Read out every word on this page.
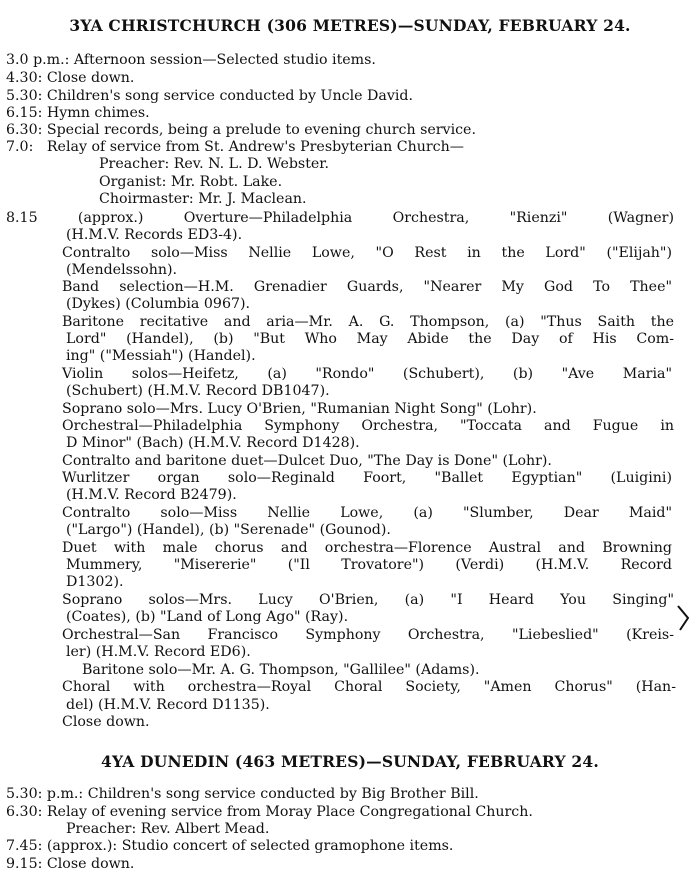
3YA CHRISTCHURCH (306 METRES)—SUNDAY, FEBRUARY 24.
3.0 p.m.: Afternoon session—Selected studio items.
4.30: Close down.
5.30: Children's song service conducted by Uncle David.
6.15: Hymn chimes.
6.30: Special records, being a prelude to evening church service.
7.0:   Relay of service from St. Andrew's Presbyterian Church—
Preacher: Rev. N. L. D. Webster.
Organist: Mr. Robt. Lake.
Choirmaster: Mr. J. Maclean.
8.15 (approx.) Overture—Philadelphia Orchestra, "Rienzi" (Wagner)
(H.M.V. Records ED3-4).
Contralto solo—Miss Nellie Lowe, "O Rest in the Lord" ("Elijah")
(Mendelssohn).
Band selection—H.M. Grenadier Guards, "Nearer My God To Thee"
(Dykes) (Columbia 0967).
Baritone recitative and aria—Mr. A. G. Thompson, (a) "Thus Saith the
Lord" (Handel), (b) "But Who May Abide the Day of His Com-
ing" ("Messiah") (Handel).
Violin solos—Heifetz, (a) "Rondo" (Schubert), (b) "Ave Maria"
(Schubert) (H.M.V. Record DB1047).
Soprano solo—Mrs. Lucy O'Brien, "Rumanian Night Song" (Lohr).
Orchestral—Philadelphia Symphony Orchestra, "Toccata and Fugue in
D Minor" (Bach) (H.M.V. Record D1428).
Contralto and baritone duet—Dulcet Duo, "The Day is Done" (Lohr).
Wurlitzer organ solo—Reginald Foort, "Ballet Egyptian" (Luigini)
(H.M.V. Record B2479).
Contralto solo—Miss Nellie Lowe, (a) "Slumber, Dear Maid"
("Largo") (Handel), (b) "Serenade" (Gounod).
Duet with male chorus and orchestra—Florence Austral and Browning
Mummery, "Misererie" ("Il Trovatore") (Verdi) (H.M.V. Record
D1302).
Soprano solos—Mrs. Lucy O'Brien, (a) "I Heard You Singing"
(Coates), (b) "Land of Long Ago" (Ray).
Orchestral—San Francisco Symphony Orchestra, "Liebeslied" (Kreis-
ler) (H.M.V. Record ED6).
Baritone solo—Mr. A. G. Thompson, "Gallilee" (Adams).
Choral with orchestra—Royal Choral Society, "Amen Chorus" (Han-
del) (H.M.V. Record D1135).
Close down.
4YA DUNEDIN (463 METRES)—SUNDAY, FEBRUARY 24.
5.30: p.m.: Children's song service conducted by Big Brother Bill.
6.30: Relay of evening service from Moray Place Congregational Church.
Preacher: Rev. Albert Mead.
7.45: (approx.): Studio concert of selected gramophone items.
9.15: Close down.
